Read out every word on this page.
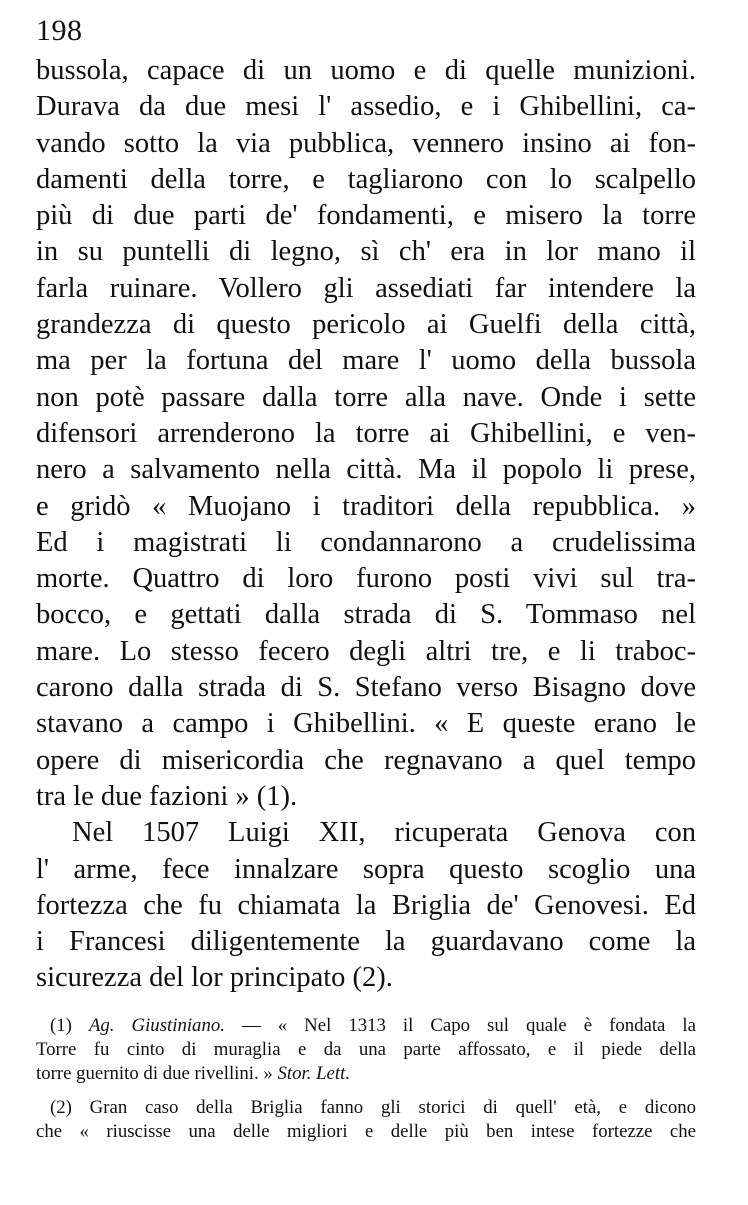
198
bussola, capace di un uomo e di quelle munizioni.
Durava da due mesi l' assedio, e i Ghibellini, ca-
vando sotto la via pubblica, vennero insino ai fon-
damenti della torre, e tagliarono con lo scalpello
più di due parti de' fondamenti, e misero la torre
in su puntelli di legno, sì ch' era in lor mano il
farla ruinare. Vollero gli assediati far intendere la
grandezza di questo pericolo ai Guelfi della città,
ma per la fortuna del mare l' uomo della bussola
non potè passare dalla torre alla nave. Onde i sette
difensori arrenderono la torre ai Ghibellini, e ven-
nero a salvamento nella città. Ma il popolo li prese,
e gridò « Muojano i traditori della repubblica. »
Ed i magistrati li condannarono a crudelissima
morte. Quattro di loro furono posti vivi sul tra-
bocco, e gettati dalla strada di S. Tommaso nel
mare. Lo stesso fecero degli altri tre, e li traboc-
carono dalla strada di S. Stefano verso Bisagno dove
stavano a campo i Ghibellini. « E queste erano le
opere di misericordia che regnavano a quel tempo
tra le due fazioni » (1).
Nel 1507 Luigi XII, ricuperata Genova con
l' arme, fece innalzare sopra questo scoglio una
fortezza che fu chiamata la Briglia de' Genovesi. Ed
i Francesi diligentemente la guardavano come la
sicurezza del lor principato (2).
(1) Ag. Giustiniano. — « Nel 1313 il Capo sul quale è fondata la
Torre fu cinto di muraglia e da una parte affossato, e il piede della
torre guernito di due rivellini. » Stor. Lett.
(2) Gran caso della Briglia fanno gli storici di quell' età, e dicono
che « riuscisse una delle migliori e delle più ben intese fortezze che
